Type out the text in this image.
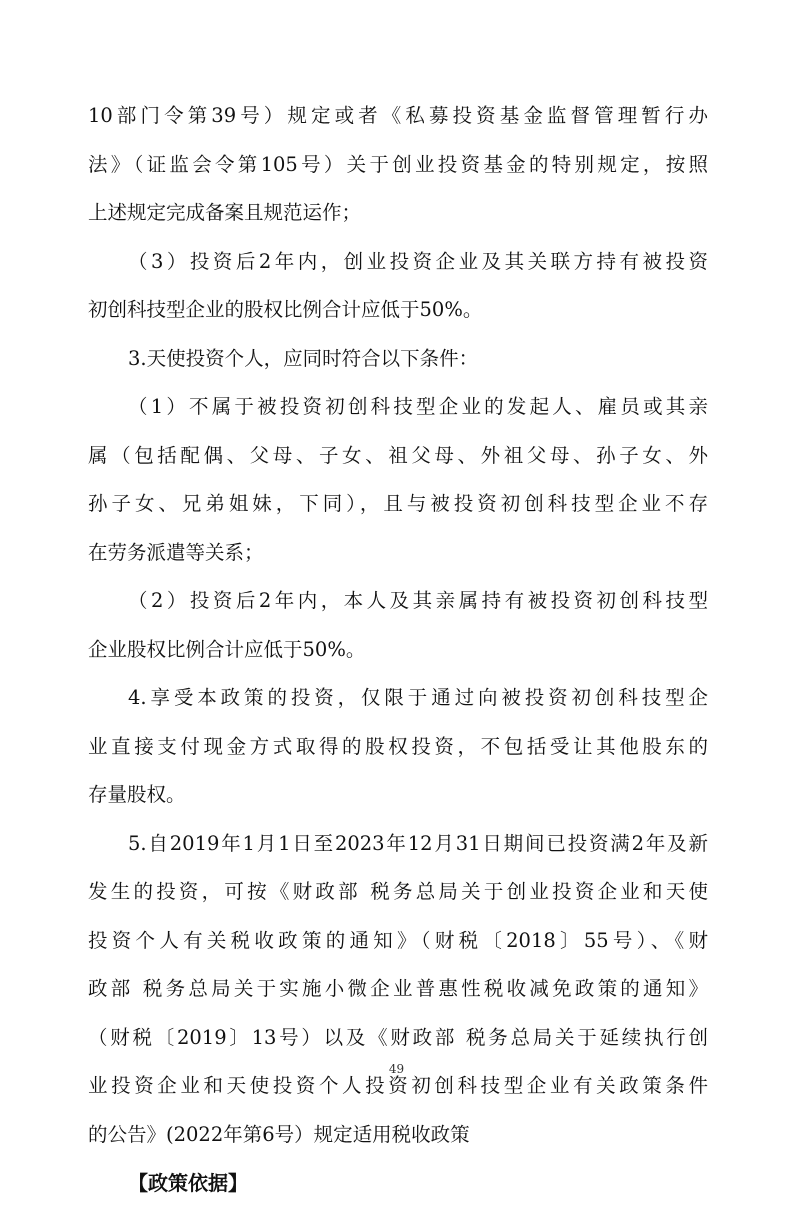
10部门令第39号）规定或者《私募投资基金监督管理暂行办
法》（证监会令第105号）关于创业投资基金的特别规定，按照
上述规定完成备案且规范运作；

（3）投资后2年内，创业投资企业及其关联方持有被投资
初创科技型企业的股权比例合计应低于50%。

3.天使投资个人，应同时符合以下条件：

（1）不属于被投资初创科技型企业的发起人、雇员或其亲
属（包括配偶、父母、子女、祖父母、外祖父母、孙子女、外
孙子女、兄弟姐妹，下同），且与被投资初创科技型企业不存
在劳务派遣等关系；

（2）投资后2年内，本人及其亲属持有被投资初创科技型
企业股权比例合计应低于50%。

4.享受本政策的投资，仅限于通过向被投资初创科技型企
业直接支付现金方式取得的股权投资，不包括受让其他股东的
存量股权。

5.自2019年1月1日至2023年12月31日期间已投资满2年及新
发生的投资，可按《财政部 税务总局关于创业投资企业和天使
投资个人有关税收政策的通知》（财税〔2018〕55号）、《财
政部 税务总局关于实施小微企业普惠性税收减免政策的通知》
（财税〔2019〕13号）以及《财政部 税务总局关于延续执行创
业投资企业和天使投资个人投资初创科技型企业有关政策条件
的公告》(2022年第6号）规定适用税收政策

【政策依据】

49
